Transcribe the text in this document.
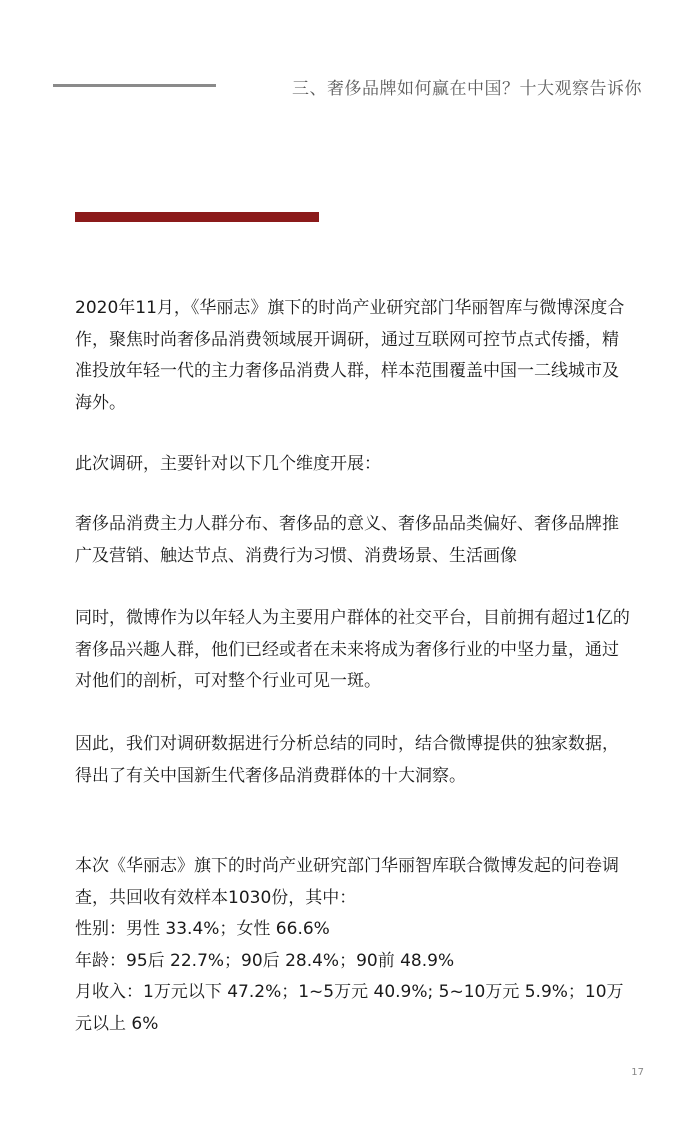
三、奢侈品牌如何赢在中国？十大观察告诉你

2020年11月，《华丽志》旗下的时尚产业研究部门华丽智库与微博深度合作，聚焦时尚奢侈品消费领域展开调研，通过互联网可控节点式传播，精准投放年轻一代的主力奢侈品消费人群，样本范围覆盖中国一二线城市及海外。

此次调研，主要针对以下几个维度开展：

奢侈品消费主力人群分布、奢侈品的意义、奢侈品品类偏好、奢侈品牌推广及营销、触达节点、消费行为习惯、消费场景、生活画像

同时，微博作为以年轻人为主要用户群体的社交平台，目前拥有超过1亿的奢侈品兴趣人群，他们已经或者在未来将成为奢侈行业的中坚力量，通过对他们的剖析，可对整个行业可见一斑。

因此，我们对调研数据进行分析总结的同时，结合微博提供的独家数据，得出了有关中国新生代奢侈品消费群体的十大洞察。

本次《华丽志》旗下的时尚产业研究部门华丽智库联合微博发起的问卷调查，共回收有效样本1030份，其中：

性别：男性 33.4%；女性 66.6%

年龄：95后 22.7%；90后 28.4%；90前 48.9%

月收入：1万元以下 47.2%；1~5万元 40.9%; 5~10万元 5.9%；10万元以上 6%

17
